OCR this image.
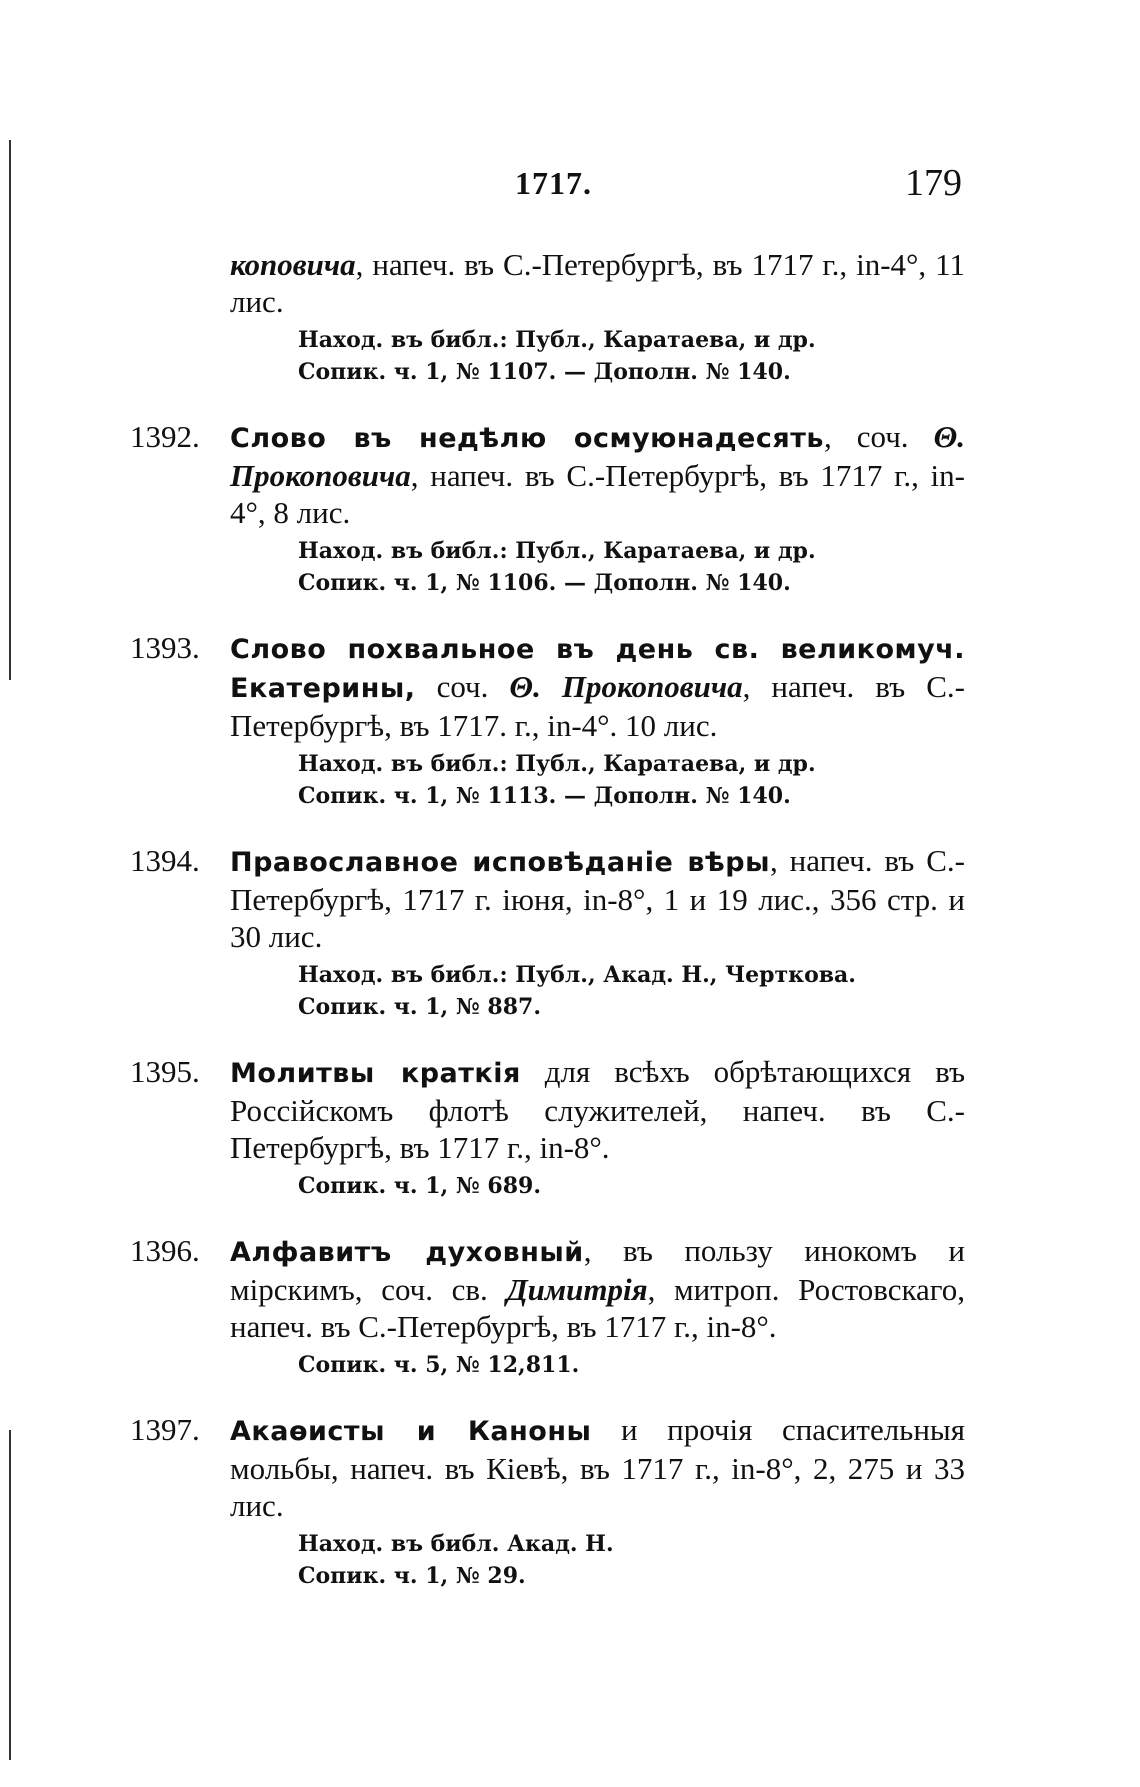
1717.	179
коповича, напеч. въ С.-Петербургѣ, въ 1717 г., in-4°, 11 лис.
Наход. въ библ.: Публ., Каратаева, и др.
Сопик. ч. 1, № 1107. — Дополн. № 140.
1392.	Слово въ недѣлю осмуюнадесять, соч. Θ. Прокоповича, напеч. въ С.-Петербургѣ, въ 1717 г., in-4°, 8 лис.
Наход. въ библ.: Публ., Каратаева, и др.
Сопик. ч. 1, № 1106. — Дополн. № 140.
1393.	Слово похвальное въ день св. великомуч. Екатерины, соч. Θ. Прокоповича, напеч. въ С.-Петербургѣ, въ 1717. г., in-4°. 10 лис.
Наход. въ библ.: Публ., Каратаева, и др.
Сопик. ч. 1, № 1113. — Дополн. № 140.
1394.	Православное исповѣданіе вѣры, напеч. въ С.-Петербургѣ, 1717 г. іюня, in-8°, 1 и 19 лис., 356 стр. и 30 лис.
Наход. въ библ.: Публ., Акад. Н., Черткова.
Сопик. ч. 1, № 887.
1395.	Молитвы краткія для всѣхъ обрѣтающихся въ Россійскомъ флотѣ служителей, напеч. въ С.-Петербургѣ, въ 1717 г., in-8°.
Сопик. ч. 1, № 689.
1396.	Алфавитъ духовный, въ пользу инокомъ и мірскимъ, соч. св. Димитрія, митроп. Ростовскаго, напеч. въ С.-Петербургѣ, въ 1717 г., in-8°.
Сопик. ч. 5, № 12,811.
1397.	Акаѳисты и Каноны и прочія спасительныя мольбы, напеч. въ Кіевѣ, въ 1717 г., in-8°, 2, 275 и 33 лис.
Наход. въ библ. Акад. Н.
Сопик. ч. 1, № 29.
